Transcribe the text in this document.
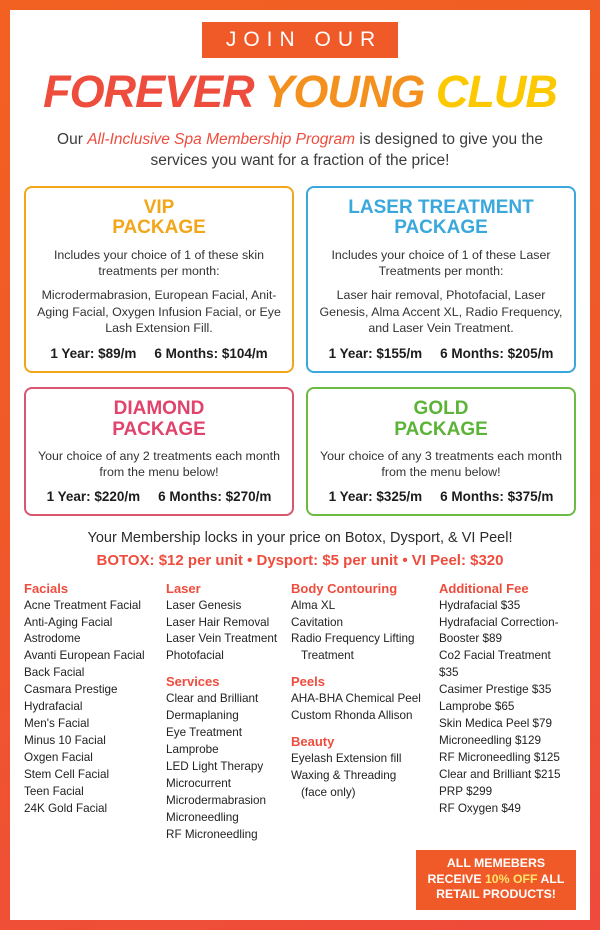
JOIN OUR
FOREVER YOUNG CLUB
Our All-Inclusive Spa Membership Program is designed to give you the services you want for a fraction of the price!
VIP
PACKAGE
Includes your choice of 1 of these skin treatments per month:
Microdermabrasion, European Facial, Anit-Aging Facial, Oxygen Infusion Facial, or Eye Lash Extension Fill.
1 Year: $89/m 6 Months: $104/m
LASER TREATMENT
PACKAGE
Includes your choice of 1 of these Laser Treatments per month:
Laser hair removal, Photofacial, Laser Genesis, Alma Accent XL, Radio Frequency, and Laser Vein Treatment.
1 Year: $155/m 6 Months: $205/m
DIAMOND
PACKAGE
Your choice of any 2 treatments each month from the menu below!
1 Year: $220/m 6 Months: $270/m
GOLD
PACKAGE
Your choice of any 3 treatments each month from the menu below!
1 Year: $325/m 6 Months: $375/m
Your Membership locks in your price on Botox, Dysport, & VI Peel!
BOTOX: $12 per unit • Dysport: $5 per unit • VI Peel: $320
Facials
Acne Treatment Facial
Anti-Aging Facial
Astrodome
Avanti European Facial
Back Facial
Casmara Prestige
Hydrafacial
Men's Facial
Minus 10 Facial
Oxgen Facial
Stem Cell Facial
Teen Facial
24K Gold Facial
Laser
Laser Genesis
Laser Hair Removal
Laser Vein Treatment
Photofacial
Services
Clear and Brilliant
Dermaplaning
Eye Treatment
Lamprobe
LED Light Therapy
Microcurrent
Microdermabrasion
Microneedling
RF Microneedling
Body Contouring
Alma XL
Cavitation
Radio Frequency Lifting
Treatment
Peels
AHA-BHA Chemical Peel
Custom Rhonda Allison
Beauty
Eyelash Extension fill
Waxing & Threading
(face only)
Additional Fee
Hydrafacial $35
Hydrafacial Correction-
Booster $89
Co2 Facial Treatment $35
Casimer Prestige $35
Lamprobe $65
Skin Medica Peel $79
Microneedling $129
RF Microneedling $125
Clear and Brilliant $215
PRP $299
RF Oxygen $49
ALL MEMEBERS
RECEIVE 10% OFF ALL
RETAIL PRODUCTS!
